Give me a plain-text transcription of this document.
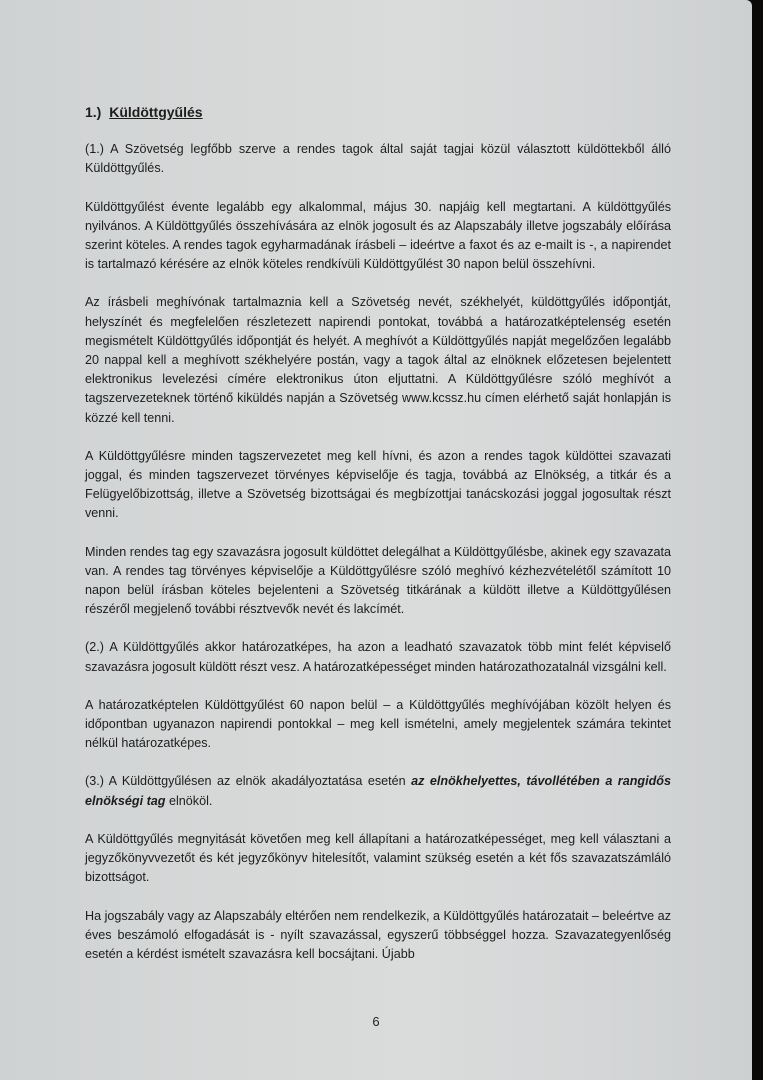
1.) Küldöttgyűlés

(1.) A Szövetség legfőbb szerve a rendes tagok által saját tagjai közül választott küldöttekből álló Küldöttgyűlés.

Küldöttgyűlést évente legalább egy alkalommal, május 30. napjáig kell megtartani. A küldöttgyűlés nyilvános. A Küldöttgyűlés összehívására az elnök jogosult és az Alapszabály illetve jogszabály előírása szerint köteles. A rendes tagok egyharmadának írásbeli – ideértve a faxot és az e-mailt is -, a napirendet is tartalmazó kérésére az elnök köteles rendkívüli Küldöttgyűlést 30 napon belül összehívni.

Az írásbeli meghívónak tartalmaznia kell a Szövetség nevét, székhelyét, küldöttgyűlés időpontját, helyszínét és megfelelően részletezett napirendi pontokat, továbbá a határozatképtelenség esetén megismételt Küldöttgyűlés időpontját és helyét. A meghívót a Küldöttgyűlés napját megelőzően legalább 20 nappal kell a meghívott székhelyére postán, vagy a tagok által az elnöknek előzetesen bejelentett elektronikus levelezési címére elektronikus úton eljuttatni. A Küldöttgyűlésre szóló meghívót a tagszervezeteknek történő kiküldés napján a Szövetség www.kcssz.hu címen elérhető saját honlapján is közzé kell tenni.

A Küldöttgyűlésre minden tagszervezetet meg kell hívni, és azon a rendes tagok küldöttei szavazati joggal, és minden tagszervezet törvényes képviselője és tagja, továbbá az Elnökség, a titkár és a Felügyelőbizottság, illetve a Szövetség bizottságai és megbízottjai tanácskozási joggal jogosultak részt venni.

Minden rendes tag egy szavazásra jogosult küldöttet delegálhat a Küldöttgyűlésbe, akinek egy szavazata van. A rendes tag törvényes képviselője a Küldöttgyűlésre szóló meghívó kézhezvételétől számított 10 napon belül írásban köteles bejelenteni a Szövetség titkárának a küldött illetve a Küldöttgyűlésen részéről megjelenő további résztvevők nevét és lakcímét.

(2.) A Küldöttgyűlés akkor határozatképes, ha azon a leadható szavazatok több mint felét képviselő szavazásra jogosult küldött részt vesz. A határozatképességet minden határozathozatalnál vizsgálni kell.

A határozatképtelen Küldöttgyűlést 60 napon belül – a Küldöttgyűlés meghívójában közölt helyen és időpontban ugyanazon napirendi pontokkal – meg kell ismételni, amely megjelentek számára tekintet nélkül határozatképes.

(3.) A Küldöttgyűlésen az elnök akadályoztatása esetén az elnökhelyettes, távollétében a rangidős elnökségi tag elnököl.

A Küldöttgyűlés megnyitását követően meg kell állapítani a határozatképességet, meg kell választani a jegyzőkönyvvezetőt és két jegyzőkönyv hitelesítőt, valamint szükség esetén a két fős szavazatszámláló bizottságot.

Ha jogszabály vagy az Alapszabály eltérően nem rendelkezik, a Küldöttgyűlés határozatait – beleértve az éves beszámoló elfogadását is - nyílt szavazással, egyszerű többséggel hozza. Szavazategyenlőség esetén a kérdést ismételt szavazásra kell bocsájtani. Újabb

6
